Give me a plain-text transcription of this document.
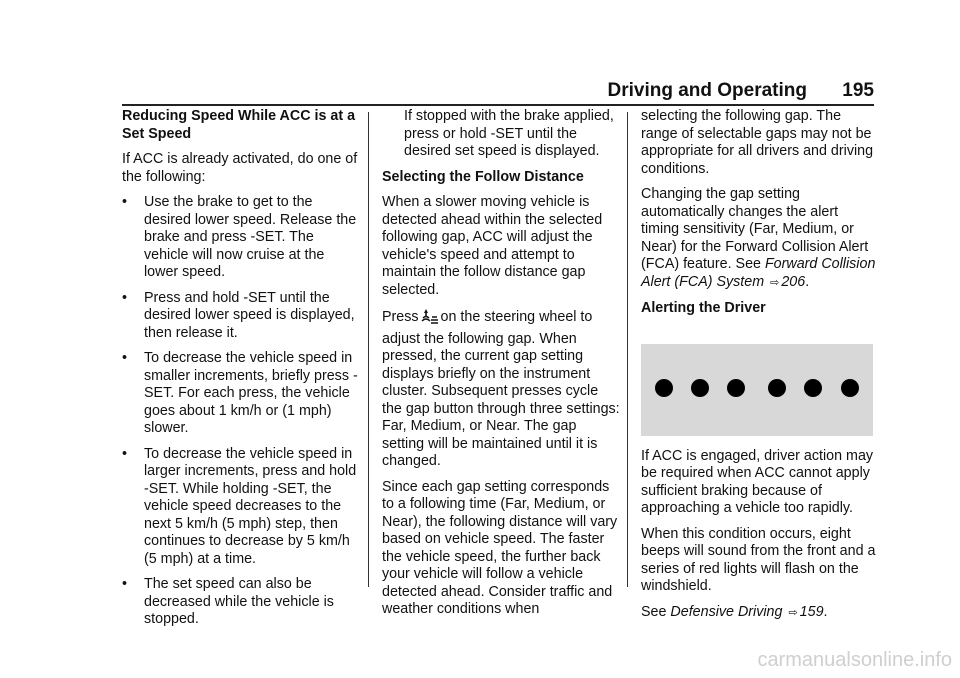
Driving and Operating 195

Reducing Speed While ACC is at a Set Speed

If ACC is already activated, do one of the following:

• Use the brake to get to the desired lower speed. Release the brake and press -SET. The vehicle will now cruise at the lower speed.
• Press and hold -SET until the desired lower speed is displayed, then release it.
• To decrease the vehicle speed in smaller increments, briefly press -SET. For each press, the vehicle goes about 1 km/h or (1 mph) slower.
• To decrease the vehicle speed in larger increments, press and hold -SET. While holding -SET, the vehicle speed decreases to the next 5 km/h (5 mph) step, then continues to decrease by 5 km/h (5 mph) at a time.
• The set speed can also be decreased while the vehicle is stopped.

If stopped with the brake applied, press or hold -SET until the desired set speed is displayed.

Selecting the Follow Distance

When a slower moving vehicle is detected ahead within the selected following gap, ACC will adjust the vehicle's speed and attempt to maintain the follow distance gap selected.

Press on the steering wheel to adjust the following gap. When pressed, the current gap setting displays briefly on the instrument cluster. Subsequent presses cycle the gap button through three settings: Far, Medium, or Near. The gap setting will be maintained until it is changed.

Since each gap setting corresponds to a following time (Far, Medium, or Near), the following distance will vary based on vehicle speed. The faster the vehicle speed, the further back your vehicle will follow a vehicle detected ahead. Consider traffic and weather conditions when

selecting the following gap. The range of selectable gaps may not be appropriate for all drivers and driving conditions.

Changing the gap setting automatically changes the alert timing sensitivity (Far, Medium, or Near) for the Forward Collision Alert (FCA) feature. See Forward Collision Alert (FCA) System ⇨ 206.

Alerting the Driver

If ACC is engaged, driver action may be required when ACC cannot apply sufficient braking because of approaching a vehicle too rapidly.

When this condition occurs, eight beeps will sound from the front and a series of red lights will flash on the windshield.

See Defensive Driving ⇨ 159.

carmanualsonline.info
